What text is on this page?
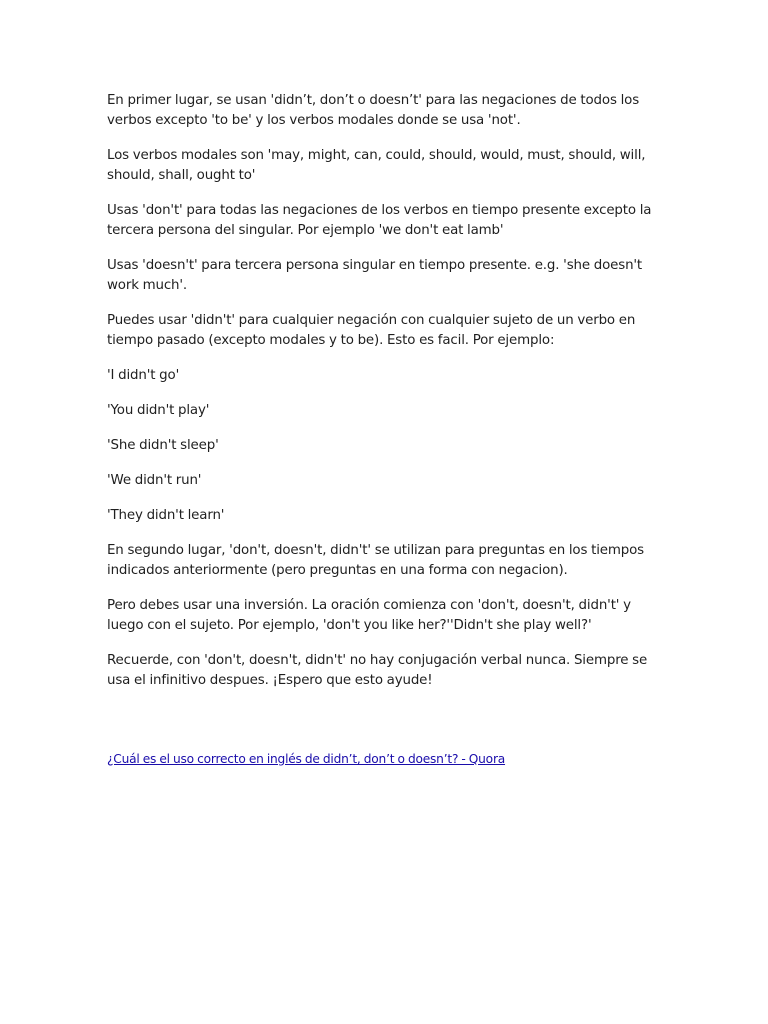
En primer lugar, se usan 'didn’t, don’t o doesn’t' para las negaciones de todos los verbos excepto 'to be' y los verbos modales donde se usa 'not'.

Los verbos modales son 'may, might, can, could, should, would, must, should, will, should, shall, ought to'

Usas 'don't' para todas las negaciones de los verbos en tiempo presente excepto la tercera persona del singular. Por ejemplo 'we don't eat lamb'

Usas 'doesn't' para tercera persona singular en tiempo presente. e.g. 'she doesn't work much'.

Puedes usar 'didn't' para cualquier negación con cualquier sujeto de un verbo en tiempo pasado (excepto modales y to be). Esto es facil. Por ejemplo:

'I didn't go'

'You didn't play'

'She didn't sleep'

'We didn't run'

'They didn't learn'

En segundo lugar, 'don't, doesn't, didn't' se utilizan para preguntas en los tiempos indicados anteriormente (pero preguntas en una forma con negacion).

Pero debes usar una inversión. La oración comienza con 'don't, doesn't, didn't' y luego con el sujeto. Por ejemplo, 'don't you like her?''Didn't she play well?'

Recuerde, con 'don't, doesn't, didn't' no hay conjugación verbal nunca. Siempre se usa el infinitivo despues. ¡Espero que esto ayude!

¿Cuál es el uso correcto en inglés de didn’t, don’t o doesn’t? - Quora
